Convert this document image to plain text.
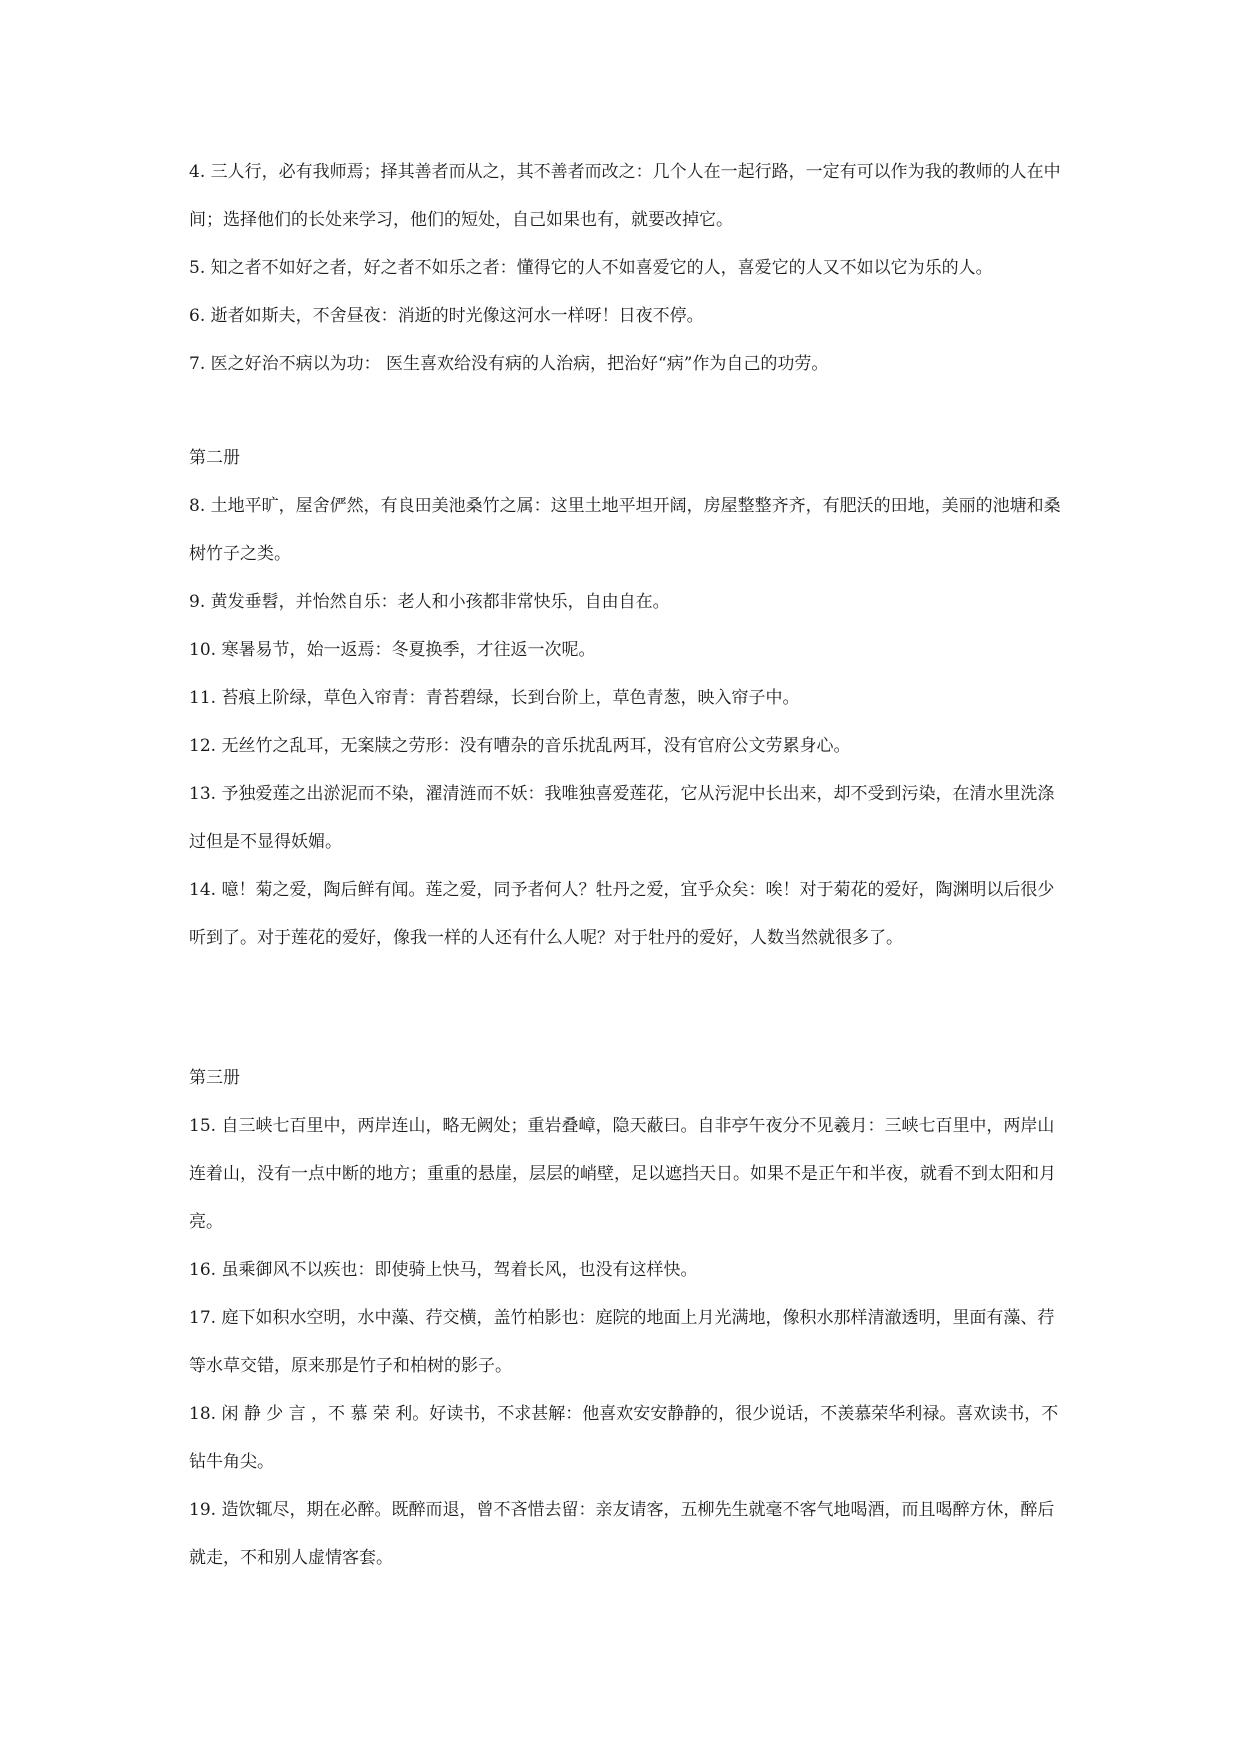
4. 三人行，必有我师焉；择其善者而从之，其不善者而改之：几个人在一起行路，一定有可以作为我的教师的人在中间；选择他们的长处来学习，他们的短处，自己如果也有，就要改掉它。

5. 知之者不如好之者，好之者不如乐之者：懂得它的人不如喜爱它的人，喜爱它的人又不如以它为乐的人。

6. 逝者如斯夫，不舍昼夜：消逝的时光像这河水一样呀！日夜不停。

7. 医之好治不病以为功： 医生喜欢给没有病的人治病，把治好“病”作为自己的功劳。

第二册

8. 土地平旷，屋舍俨然，有良田美池桑竹之属：这里土地平坦开阔，房屋整整齐齐，有肥沃的田地，美丽的池塘和桑树竹子之类。

9. 黄发垂髫，并怡然自乐：老人和小孩都非常快乐，自由自在。

10. 寒暑易节，始一返焉：冬夏换季，才往返一次呢。

11. 苔痕上阶绿，草色入帘青：青苔碧绿，长到台阶上，草色青葱，映入帘子中。

12. 无丝竹之乱耳，无案牍之劳形：没有嘈杂的音乐扰乱两耳，没有官府公文劳累身心。

13. 予独爱莲之出淤泥而不染，濯清涟而不妖：我唯独喜爱莲花，它从污泥中长出来，却不受到污染，在清水里洗涤过但是不显得妖媚。

14. 噫！菊之爱，陶后鲜有闻。莲之爱，同予者何人？牡丹之爱，宜乎众矣：唉！对于菊花的爱好，陶渊明以后很少听到了。对于莲花的爱好，像我一样的人还有什么人呢？对于牡丹的爱好，人数当然就很多了。

第三册

15. 自三峡七百里中，两岸连山，略无阙处；重岩叠嶂，隐天蔽曰。自非亭午夜分不见羲月：三峡七百里中，两岸山连着山，没有一点中断的地方；重重的悬崖，层层的峭壁，足以遮挡天日。如果不是正午和半夜，就看不到太阳和月亮。

16. 虽乘御风不以疾也：即使骑上快马，驾着长风，也没有这样快。

17. 庭下如积水空明，水中藻、荇交横，盖竹柏影也：庭院的地面上月光满地，像积水那样清澈透明，里面有藻、荇等水草交错，原来那是竹子和柏树的影子。

18. 闲 静 少 言 ，不 慕 荣 利。好读书，不求甚解：他喜欢安安静静的，很少说话，不羡慕荣华利禄。喜欢读书，不钻牛角尖。

19. 造饮辄尽，期在必醉。既醉而退，曾不吝惜去留：亲友请客，五柳先生就毫不客气地喝酒，而且喝醉方休，醉后就走，不和别人虚情客套。
